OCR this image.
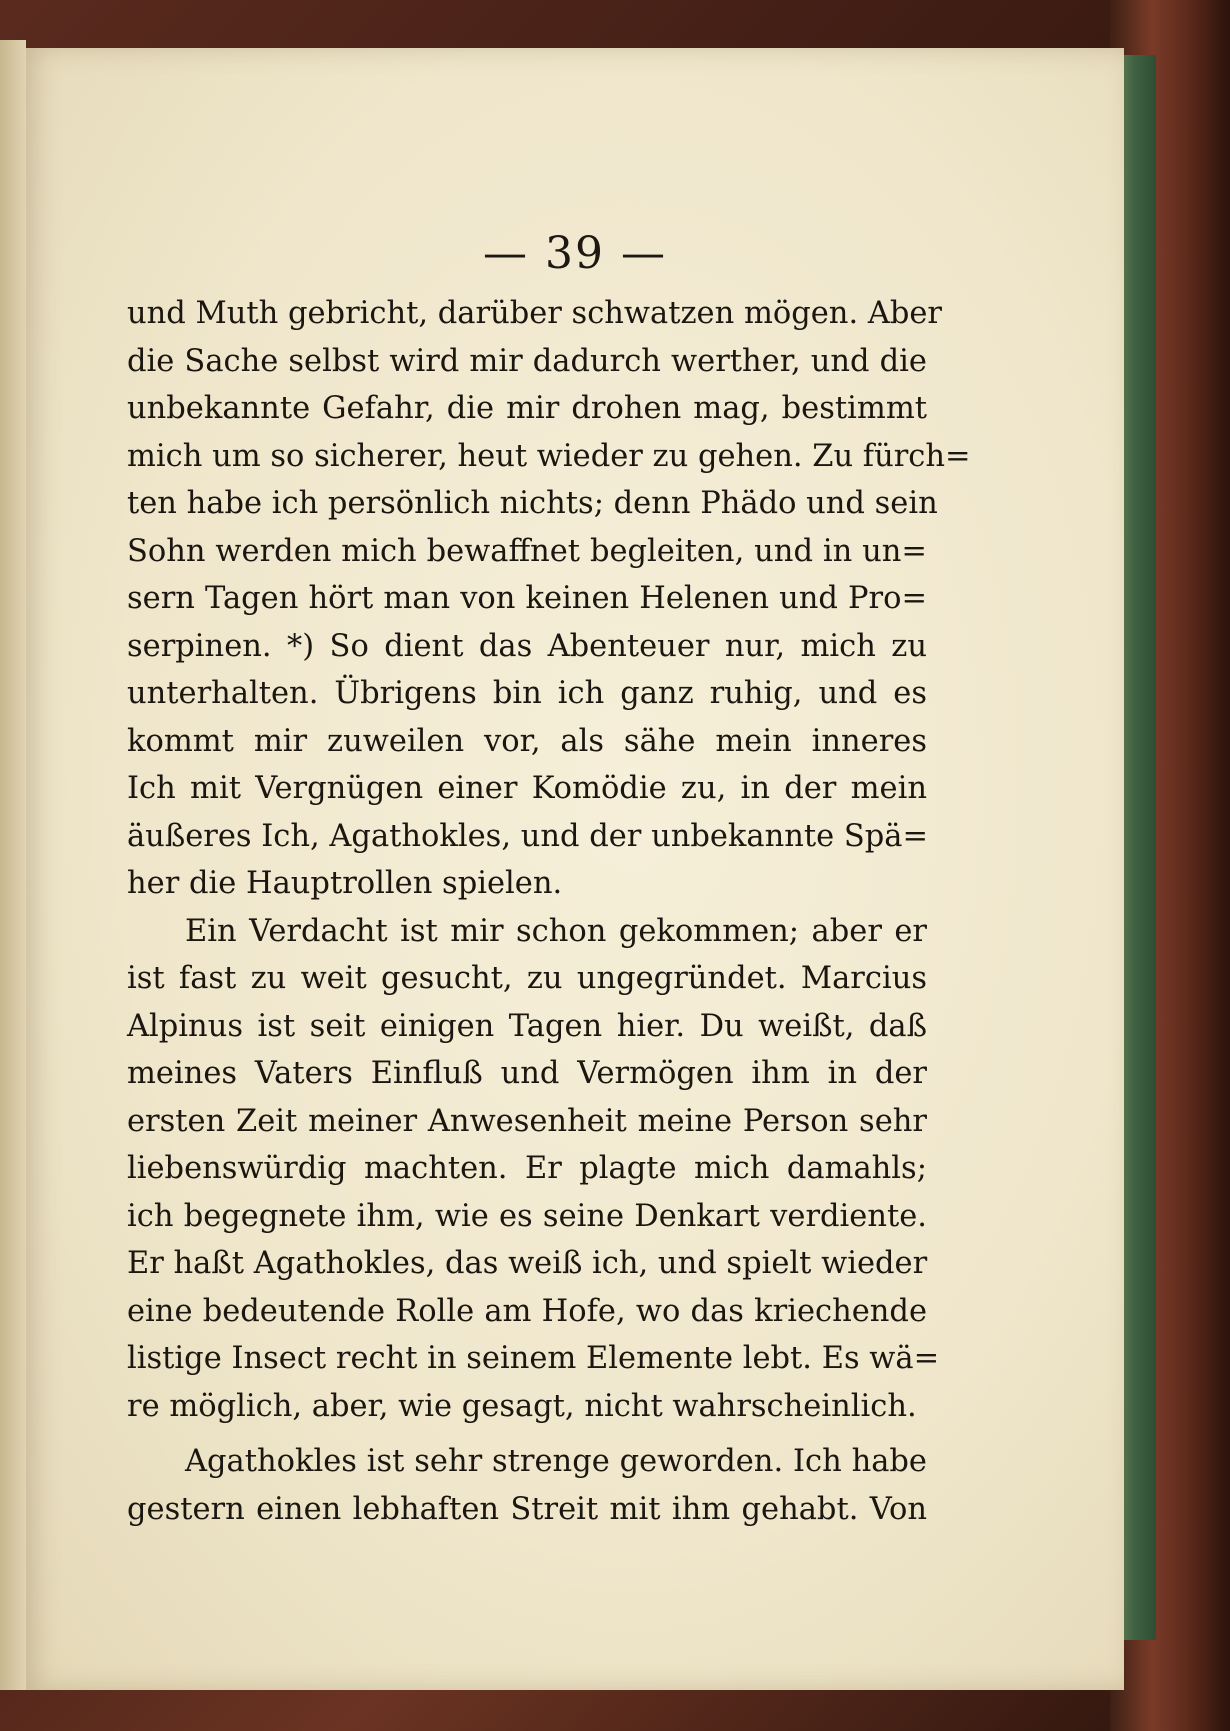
— 39 —
und Muth gebricht, darüber schwatzen mögen. Aber
die Sache selbst wird mir dadurch werther, und die
unbekannte Gefahr, die mir drohen mag, bestimmt
mich um so sicherer, heut wieder zu gehen. Zu fürch=
ten habe ich persönlich nichts; denn Phädo und sein
Sohn werden mich bewaffnet begleiten, und in un=
sern Tagen hört man von keinen Helenen und Pro=
serpinen. *) So dient das Abenteuer nur, mich zu
unterhalten. Übrigens bin ich ganz ruhig, und es
kommt mir zuweilen vor, als sähe mein inneres
Ich mit Vergnügen einer Komödie zu, in der mein
äußeres Ich, Agathokles, und der unbekannte Spä=
her die Hauptrollen spielen.
Ein Verdacht ist mir schon gekommen; aber er
ist fast zu weit gesucht, zu ungegründet. Marcius
Alpinus ist seit einigen Tagen hier. Du weißt, daß
meines Vaters Einfluß und Vermögen ihm in der
ersten Zeit meiner Anwesenheit meine Person sehr
liebenswürdig machten. Er plagte mich damahls;
ich begegnete ihm, wie es seine Denkart verdiente.
Er haßt Agathokles, das weiß ich, und spielt wieder
eine bedeutende Rolle am Hofe, wo das kriechende
listige Insect recht in seinem Elemente lebt. Es wä=
re möglich, aber, wie gesagt, nicht wahrscheinlich.
Agathokles ist sehr strenge geworden. Ich habe
gestern einen lebhaften Streit mit ihm gehabt. Von
